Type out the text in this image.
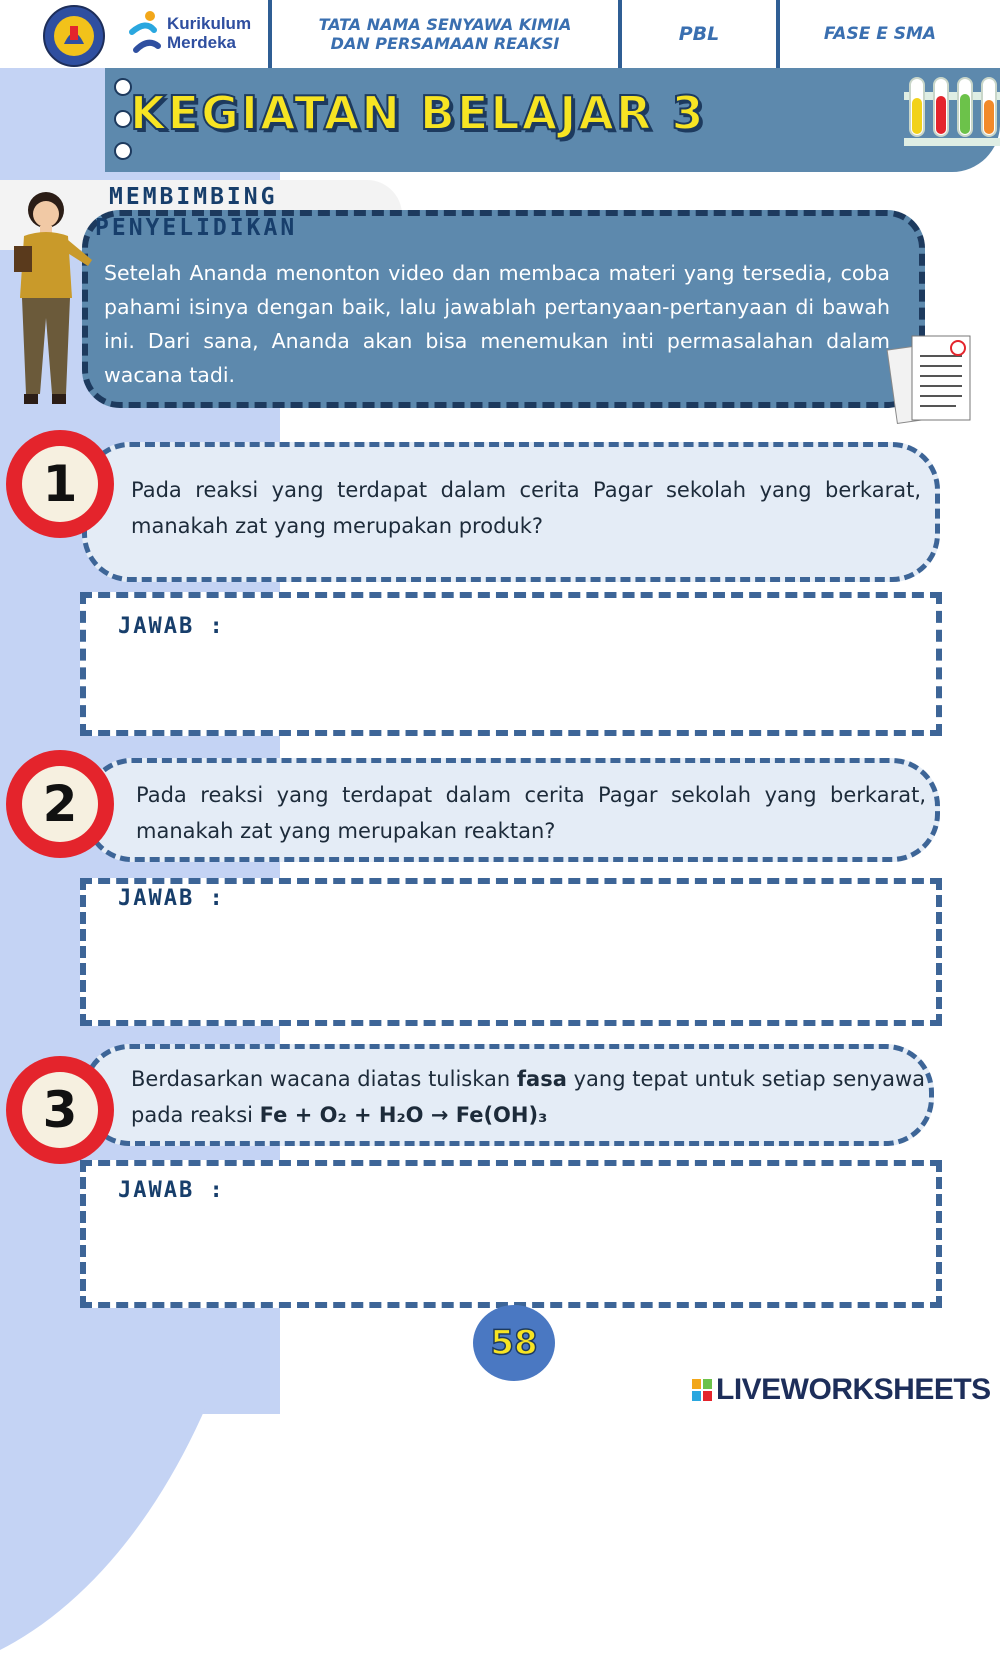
Kurikulum
Merdeka
TATA NAMA SENYAWA KIMIA
DAN PERSAMAAN REAKSI	PBL	FASE E SMA
KEGIATAN BELAJAR 3
Setelah Ananda menonton video dan membaca materi yang tersedia, coba pahami isinya dengan baik, lalu jawablah pertanyaan-pertanyaan di bawah ini. Dari sana, Ananda akan bisa menemukan inti permasalahan dalam wacana tadi.
MEMBIMBING
PENYELIDIKAN
Pada reaksi yang terdapat dalam cerita Pagar sekolah yang berkarat, manakah zat yang merupakan produk?
1
JAWAB :
Pada reaksi yang terdapat dalam cerita Pagar sekolah yang berkarat, manakah zat yang merupakan reaktan?
2
JAWAB :
Berdasarkan wacana diatas tuliskan fasa yang tepat untuk setiap senyawa pada reaksi Fe + O₂ + H₂O → Fe(OH)₃
3
JAWAB :
58
LIVEWORKSHEETS
